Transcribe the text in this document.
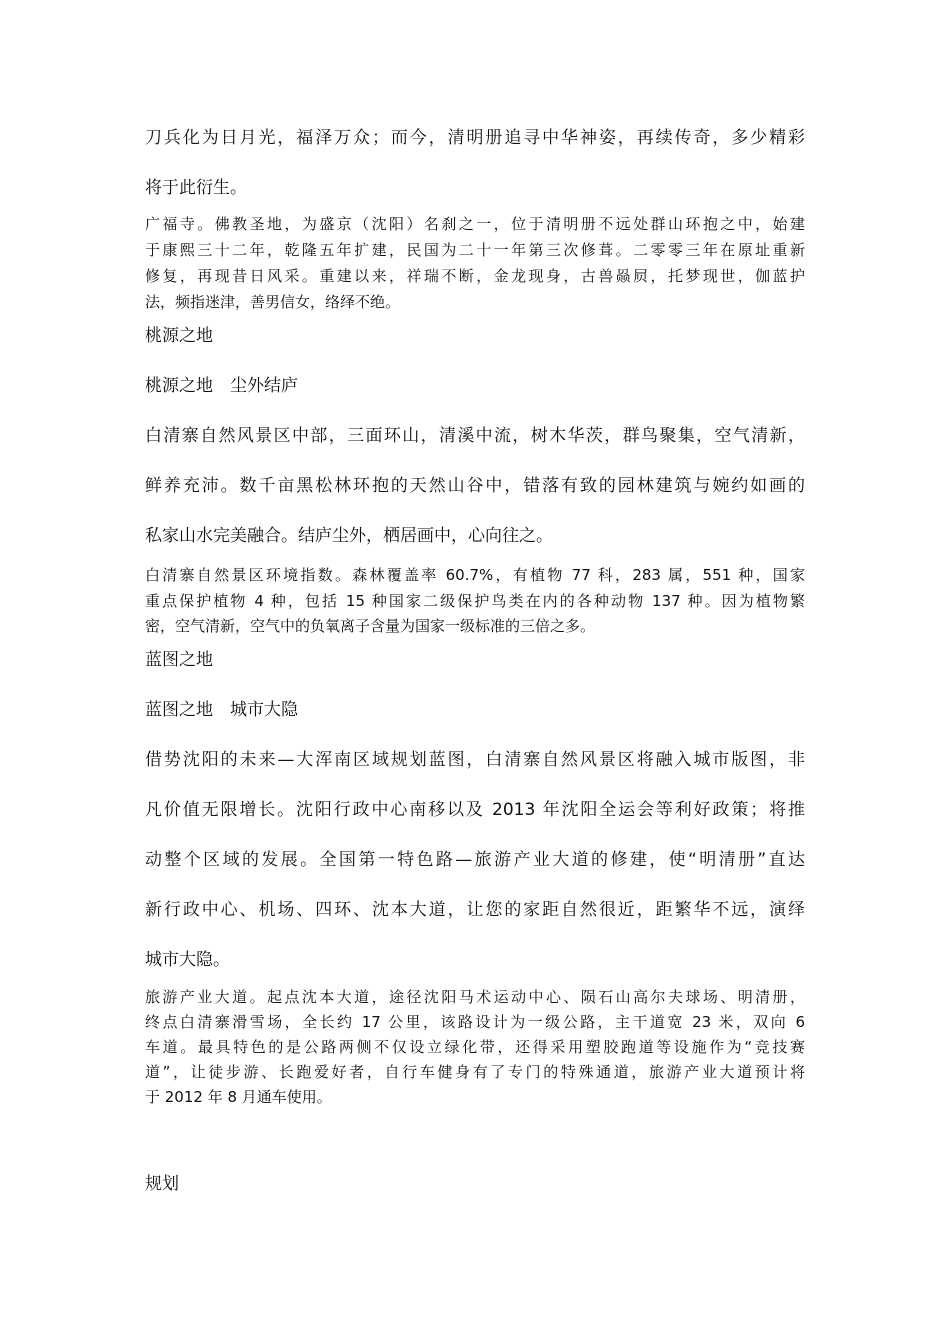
刀兵化为日月光，福泽万众；而今，清明册追寻中华神姿，再续传奇，多少精彩
将于此衍生。
广福寺。佛教圣地，为盛京（沈阳）名刹之一，位于清明册不远处群山环抱之中，始建
于康熙三十二年，乾隆五年扩建，民国为二十一年第三次修葺。二零零三年在原址重新
修复，再现昔日风采。重建以来，祥瑞不断，金龙现身，古兽赑屃，托梦现世，伽蓝护
法，频指迷津，善男信女，络绎不绝。
桃源之地
桃源之地　尘外结庐
白清寨自然风景区中部，三面环山，清溪中流，树木华茨，群鸟聚集，空气清新，
鲜养充沛。数千亩黑松林环抱的天然山谷中，错落有致的园林建筑与婉约如画的
私家山水完美融合。结庐尘外，栖居画中，心向往之。
白清寨自然景区环境指数。森林覆盖率 60.7%，有植物 77 科，283 属，551 种，国家
重点保护植物 4 种，包括 15 种国家二级保护鸟类在内的各种动物 137 种。因为植物繁
密，空气清新，空气中的负氧离子含量为国家一级标准的三倍之多。
蓝图之地
蓝图之地　城市大隐
借势沈阳的未来—大浑南区域规划蓝图，白清寨自然风景区将融入城市版图，非
凡价值无限增长。沈阳行政中心南移以及 2013 年沈阳全运会等利好政策；将推
动整个区域的发展。全国第一特色路—旅游产业大道的修建，使“明清册”直达
新行政中心、机场、四环、沈本大道，让您的家距自然很近，距繁华不远，演绎
城市大隐。
旅游产业大道。起点沈本大道，途径沈阳马术运动中心、陨石山高尔夫球场、明清册，
终点白清寨滑雪场，全长约 17 公里，该路设计为一级公路，主干道宽 23 米，双向 6
车道。最具特色的是公路两侧不仅设立绿化带，还得采用塑胶跑道等设施作为“竞技赛
道”，让徒步游、长跑爱好者，自行车健身有了专门的特殊通道，旅游产业大道预计将
于 2012 年 8 月通车使用。
规划
